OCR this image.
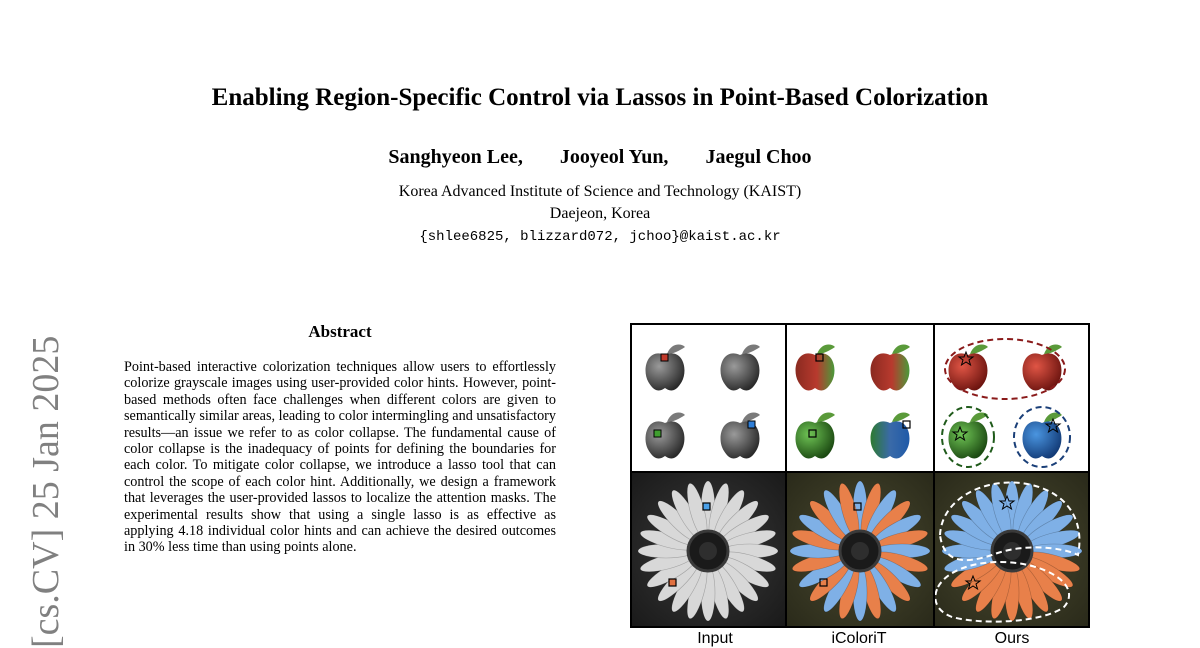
Enabling Region-Specific Control via Lassos in Point-Based Colorization
Sanghyeon Lee, Jooyeol Yun, Jaegul Choo
Korea Advanced Institute of Science and Technology (KAIST)
Daejeon, Korea
{shlee6825, blizzard072, jchoo}@kaist.ac.kr
[cs.CV] 25 Jan 2025
Abstract
Point-based interactive colorization techniques allow users to effortlessly colorize grayscale images using user-provided color hints. However, point-based methods often face challenges when different colors are given to semantically similar areas, leading to color intermingling and unsatisfactory results—an issue we refer to as color collapse. The fundamental cause of color collapse is the inadequacy of points for defining the boundaries for each color. To mitigate color collapse, we introduce a lasso tool that can control the scope of each color hint. Additionally, we design a framework that leverages the user-provided lassos to localize the attention masks. The experimental results show that using a single lasso is as effective as applying 4.18 individual color hints and can achieve the desired outcomes in 30% less time than using points alone.
Input	iColoriT	Ours
